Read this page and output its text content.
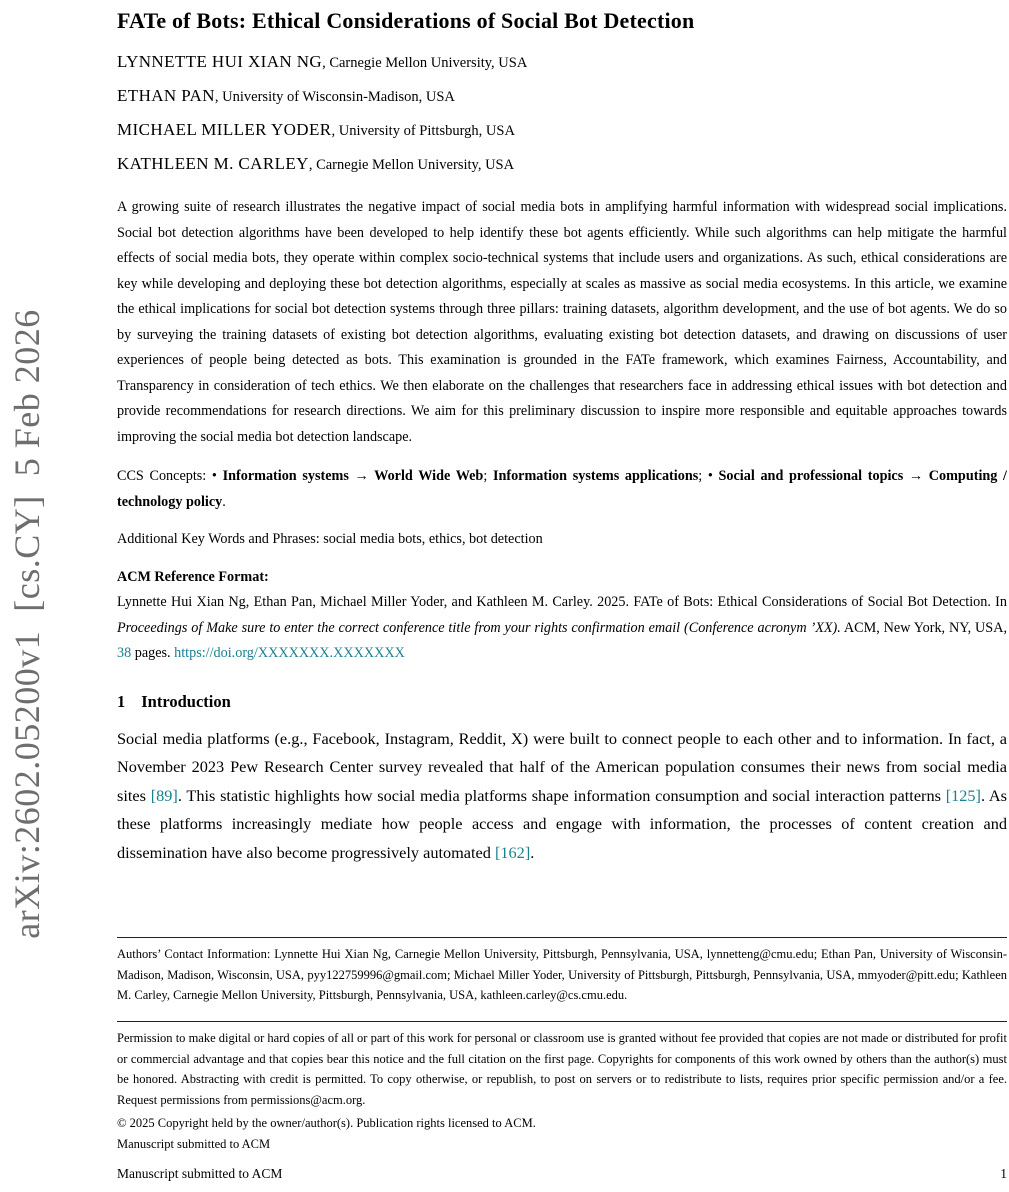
arXiv:2602.05200v1  [cs.CY]  5 Feb 2026
FATe of Bots: Ethical Considerations of Social Bot Detection
LYNNETTE HUI XIAN NG, Carnegie Mellon University, USA
ETHAN PAN, University of Wisconsin-Madison, USA
MICHAEL MILLER YODER, University of Pittsburgh, USA
KATHLEEN M. CARLEY, Carnegie Mellon University, USA

A growing suite of research illustrates the negative impact of social media bots in amplifying harmful information with widespread social implications. Social bot detection algorithms have been developed to help identify these bot agents efficiently. While such algorithms can help mitigate the harmful effects of social media bots, they operate within complex socio-technical systems that include users and organizations. As such, ethical considerations are key while developing and deploying these bot detection algorithms, especially at scales as massive as social media ecosystems. In this article, we examine the ethical implications for social bot detection systems through three pillars: training datasets, algorithm development, and the use of bot agents. We do so by surveying the training datasets of existing bot detection algorithms, evaluating existing bot detection datasets, and drawing on discussions of user experiences of people being detected as bots. This examination is grounded in the FATe framework, which examines Fairness, Accountability, and Transparency in consideration of tech ethics. We then elaborate on the challenges that researchers face in addressing ethical issues with bot detection and provide recommendations for research directions. We aim for this preliminary discussion to inspire more responsible and equitable approaches towards improving the social media bot detection landscape.

CCS Concepts: • Information systems → World Wide Web; Information systems applications; • Social and professional topics → Computing / technology policy.

Additional Key Words and Phrases: social media bots, ethics, bot detection

ACM Reference Format:

Lynnette Hui Xian Ng, Ethan Pan, Michael Miller Yoder, and Kathleen M. Carley. 2025. FATe of Bots: Ethical Considerations of Social Bot Detection. In Proceedings of Make sure to enter the correct conference title from your rights confirmation email (Conference acronym ’XX). ACM, New York, NY, USA, 38 pages. https://doi.org/XXXXXXX.XXXXXXX

1 Introduction

Social media platforms (e.g., Facebook, Instagram, Reddit, X) were built to connect people to each other and to information. In fact, a November 2023 Pew Research Center survey revealed that half of the American population consumes their news from social media sites [89]. This statistic highlights how social media platforms shape information consumption and social interaction patterns [125]. As these platforms increasingly mediate how people access and engage with information, the processes of content creation and dissemination have also become progressively automated [162].

Authors’ Contact Information: Lynnette Hui Xian Ng, Carnegie Mellon University, Pittsburgh, Pennsylvania, USA, lynnetteng@cmu.edu; Ethan Pan, University of Wisconsin-Madison, Madison, Wisconsin, USA, pyy122759996@gmail.com; Michael Miller Yoder, University of Pittsburgh, Pittsburgh, Pennsylvania, USA, mmyoder@pitt.edu; Kathleen M. Carley, Carnegie Mellon University, Pittsburgh, Pennsylvania, USA, kathleen.carley@cs.cmu.edu.

Permission to make digital or hard copies of all or part of this work for personal or classroom use is granted without fee provided that copies are not made or distributed for profit or commercial advantage and that copies bear this notice and the full citation on the first page. Copyrights for components of this work owned by others than the author(s) must be honored. Abstracting with credit is permitted. To copy otherwise, or republish, to post on servers or to redistribute to lists, requires prior specific permission and/or a fee. Request permissions from permissions@acm.org.

© 2025 Copyright held by the owner/author(s). Publication rights licensed to ACM.

Manuscript submitted to ACM

Manuscript submitted to ACM	1
